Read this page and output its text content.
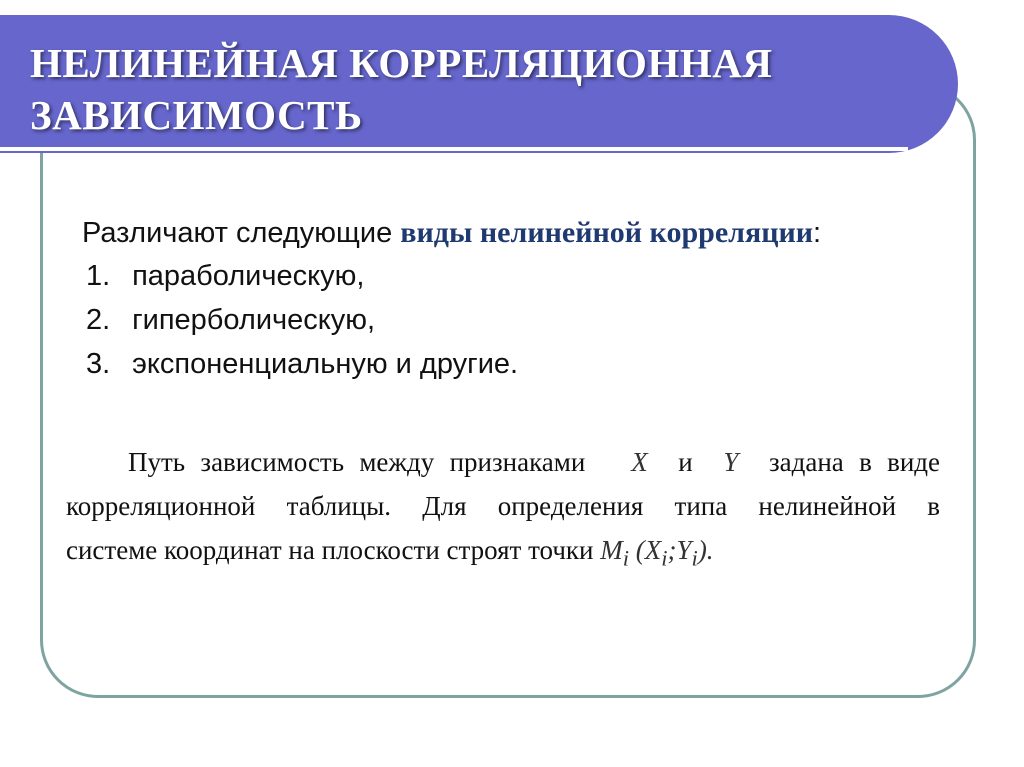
НЕЛИНЕЙНАЯ КОРРЕЛЯЦИОННАЯ
ЗАВИСИМОСТЬ
Различают следующие виды нелинейной корреляции:
1. параболическую,
2. гиперболическую,
3. экспоненциальную и другие.
Путь зависимость между признаками X и Y задана в виде
корреляционной таблицы. Для определения типа нелинейной в
системе координат на плоскости строят точки $M_i$ $(X_i;Y_i)$.
